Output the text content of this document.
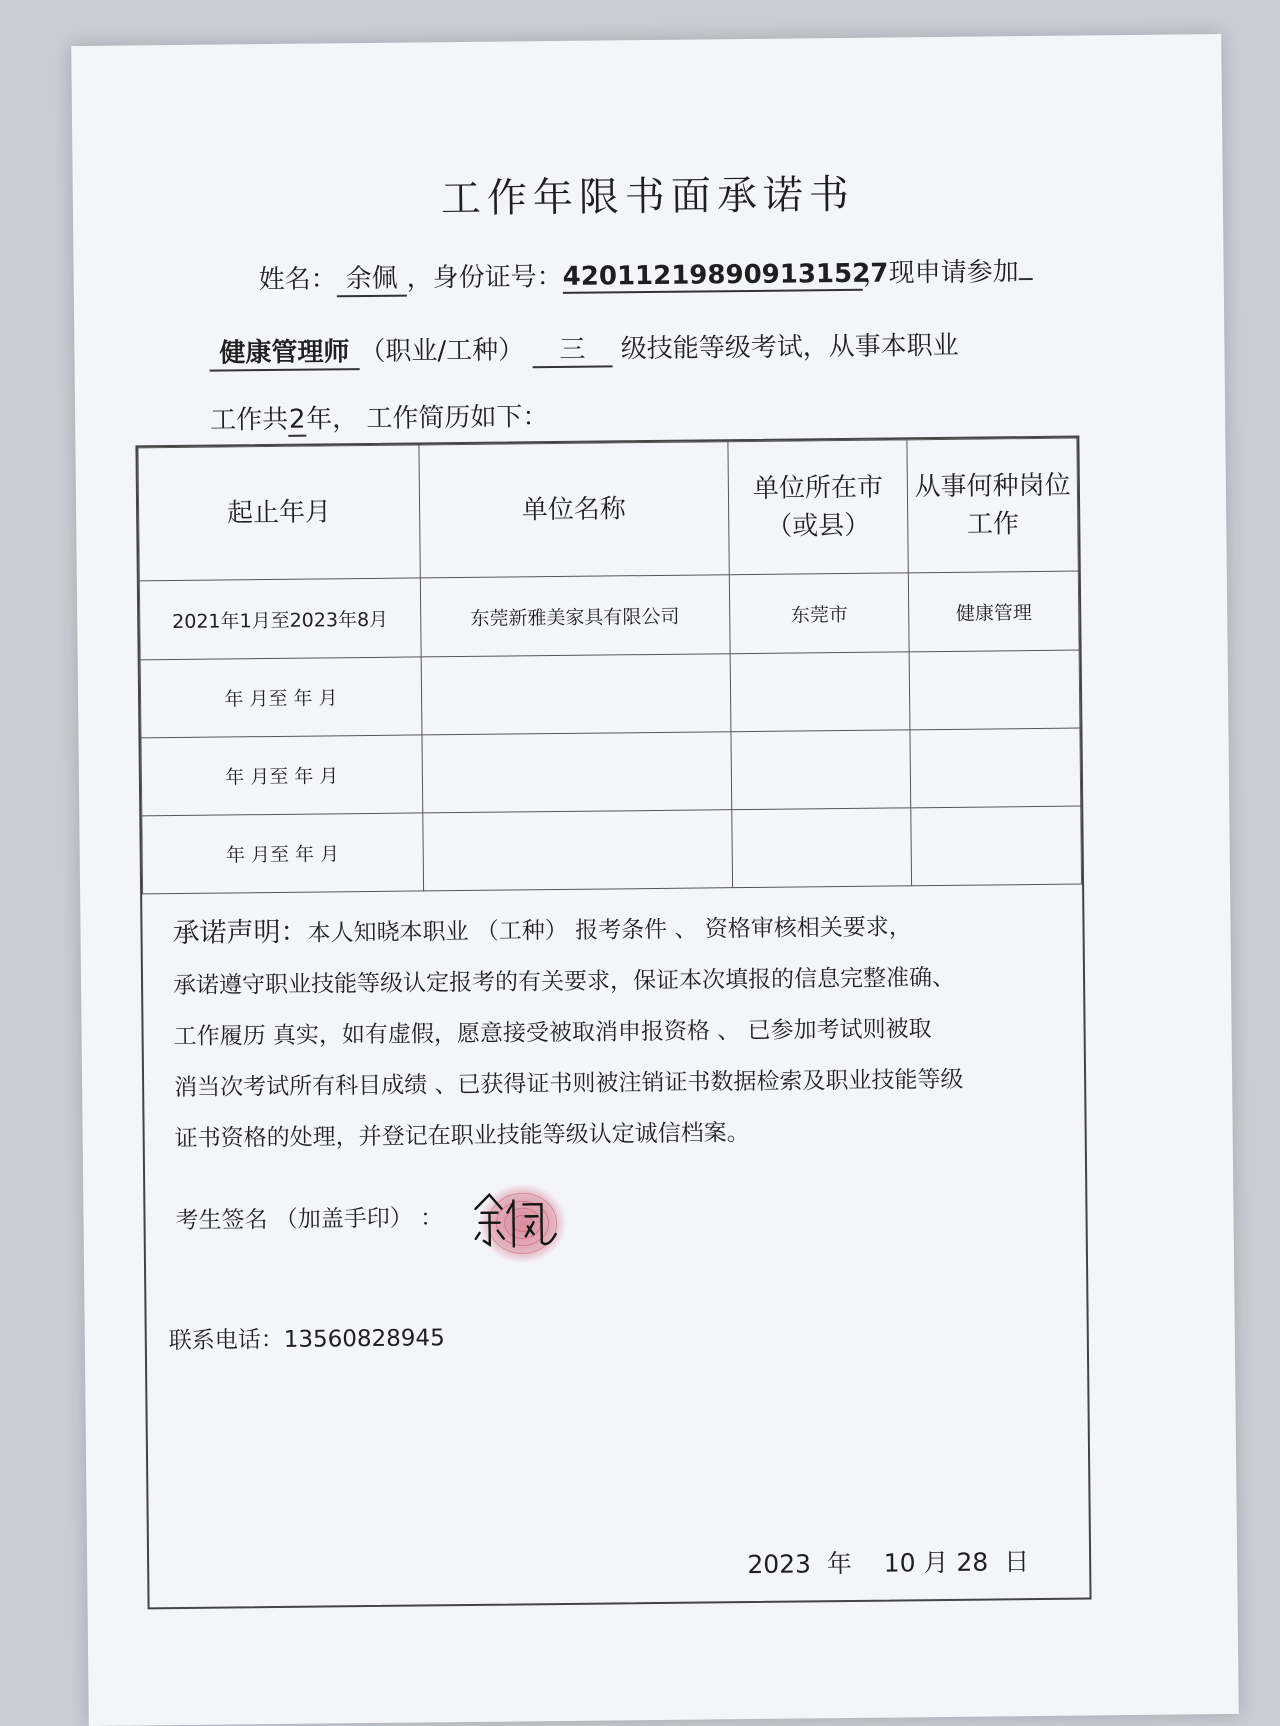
工作年限书面承诺书
姓名： 余佩 ，身份证号：420112198909131527，现申请参加
健康管理师 （职业/工种） 三 级技能等级考试，从事本职业
工作共2年， 工作简历如下：
起止年月	单位名称	单位所在市（或县）	从事何种岗位工作
2021年1月至2023年8月	东莞新雅美家具有限公司	东莞市	健康管理
年 月至 年 月			
年 月至 年 月			
年 月至 年 月			
承诺声明：本人知晓本职业 （工种） 报考条件 、 资格审核相关要求，
承诺遵守职业技能等级认定报考的有关要求，保证本次填报的信息完整准确、
工作履历 真实，如有虚假，愿意接受被取消申报资格 、 已参加考试则被取
消当次考试所有科目成绩 、已获得证书则被注销证书数据检索及职业技能等级
证书资格的处理，并登记在职业技能等级认定诚信档案。
考生签名 （加盖手印） ：
联系电话：13560828945
2023 年 10 月 28 日
